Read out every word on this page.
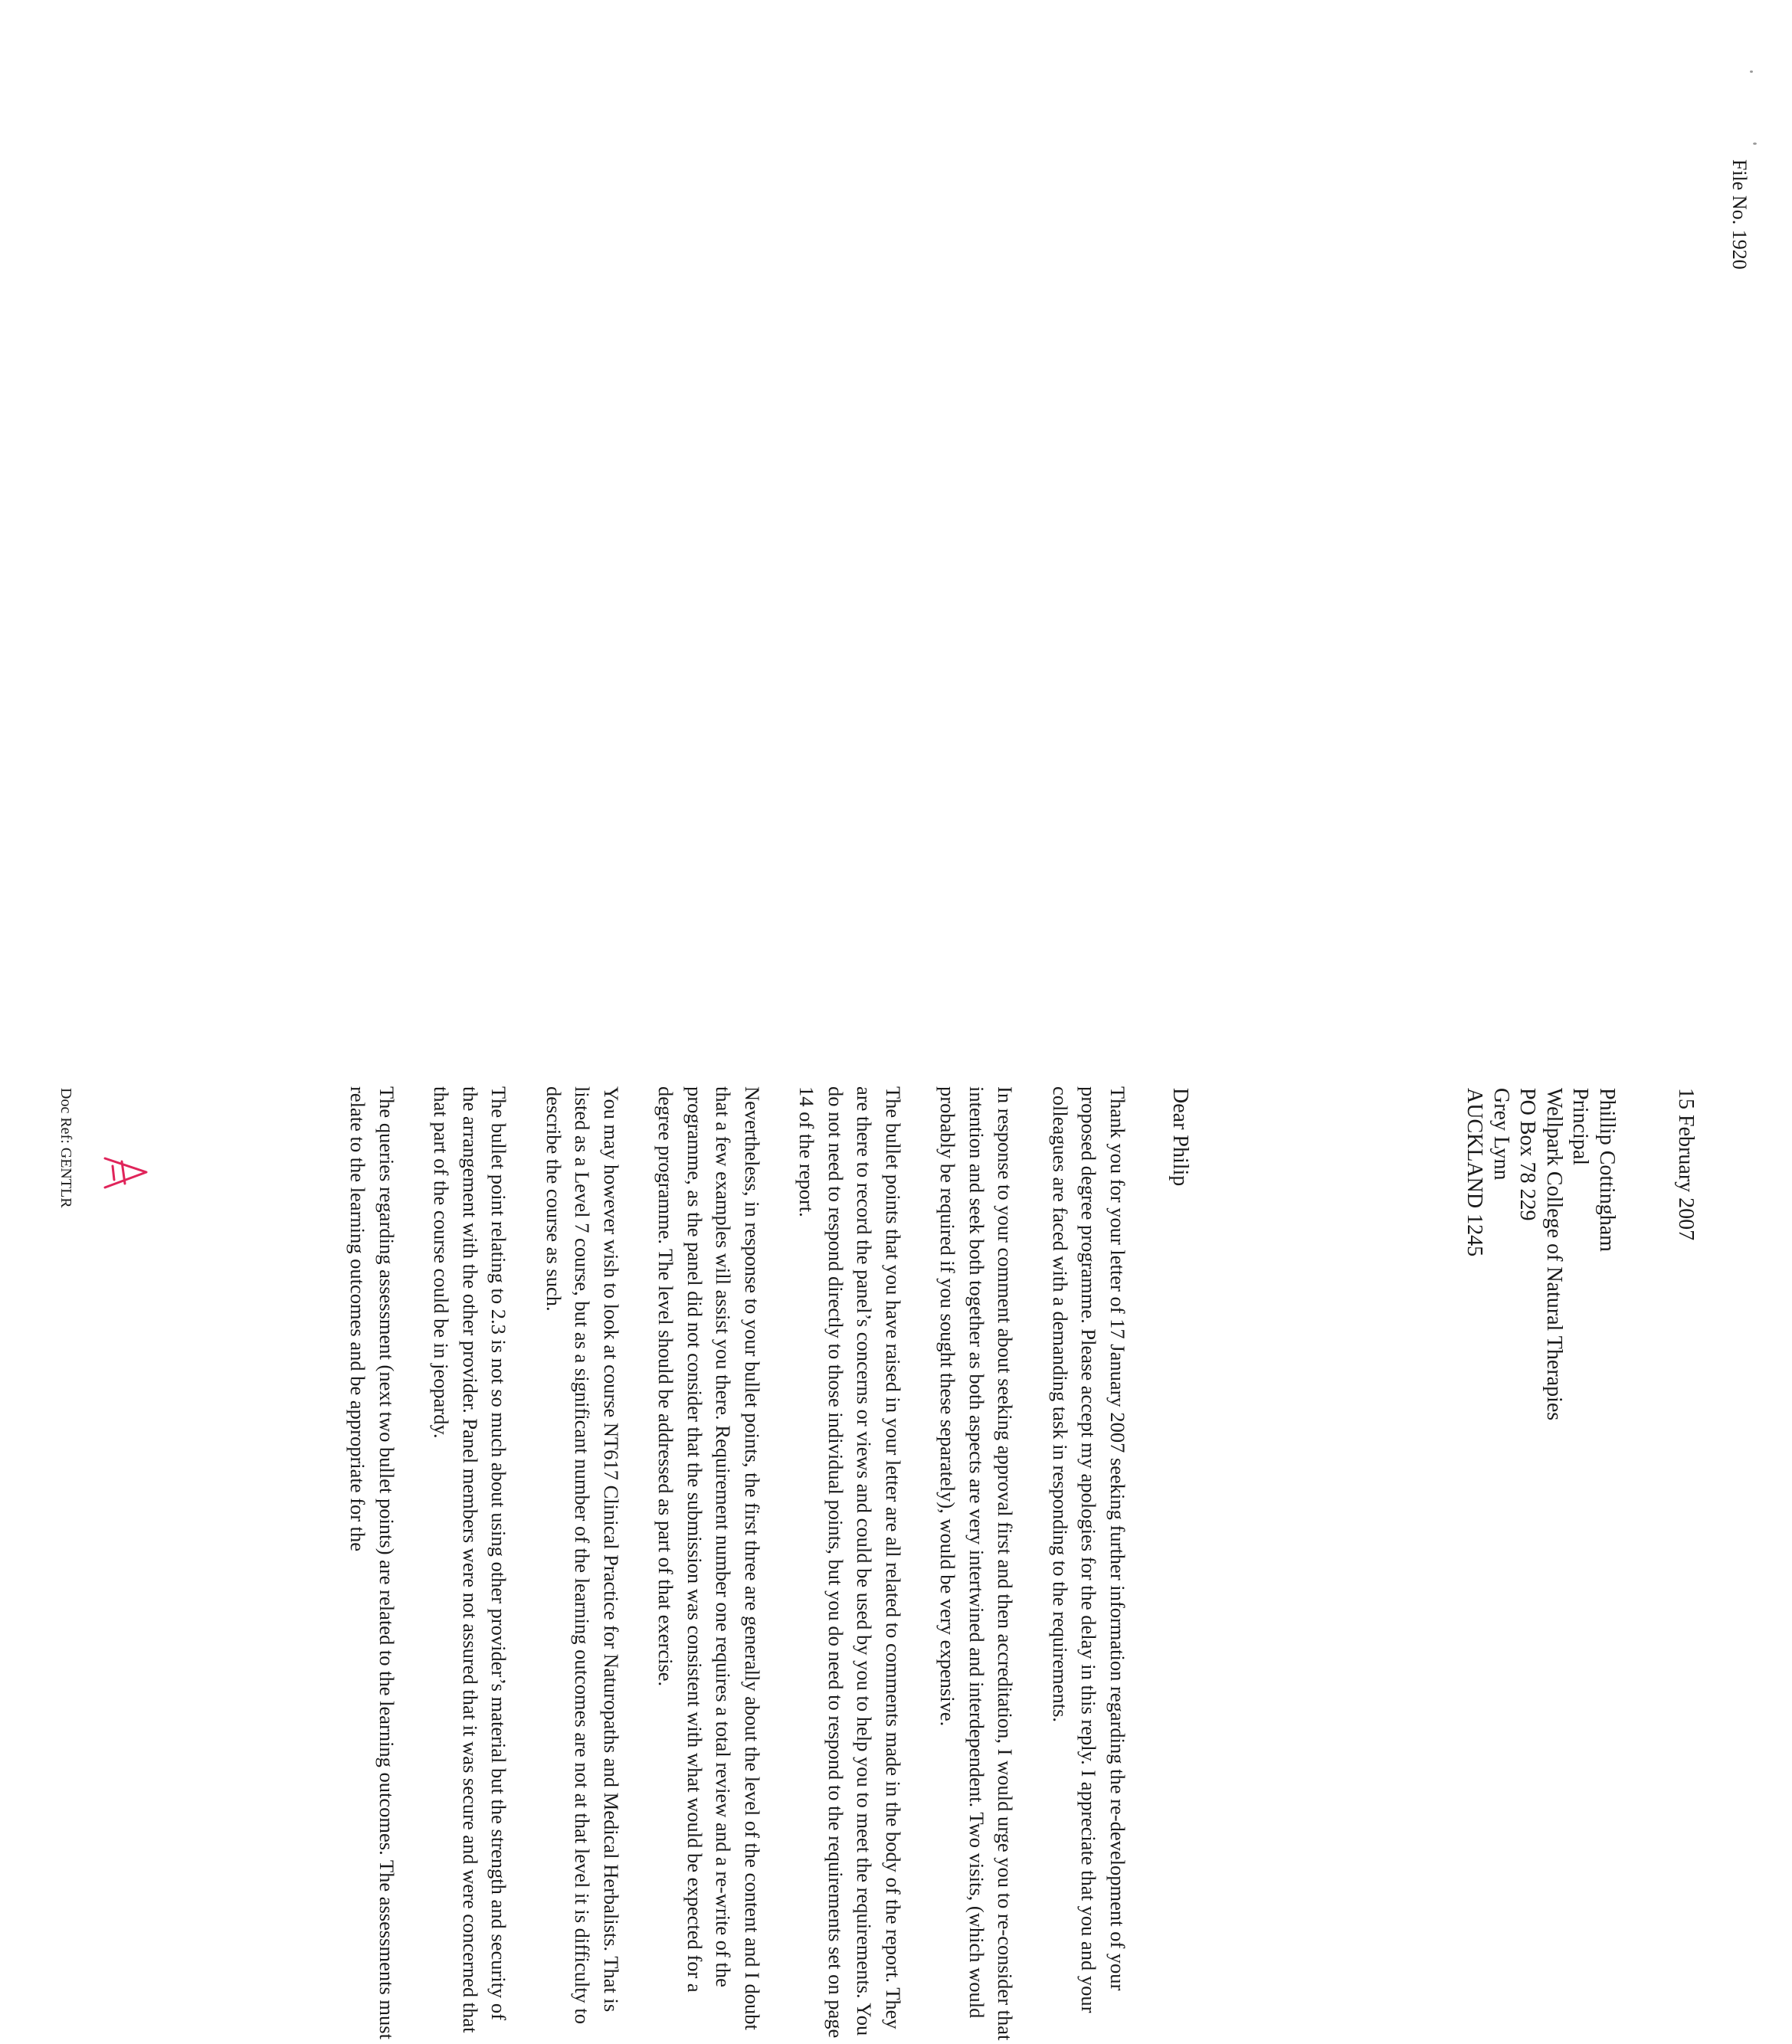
File No. 1920
15 February 2007
Phillip Cottingham
Principal
Wellpark College of Natural Therapies
PO Box 78 229
Grey Lynn
AUCKLAND 1245
Dear Philip

Thank you for your letter of 17 January 2007 seeking further information regarding the re-development of your proposed degree programme. Please accept my apologies for the delay in this reply. I appreciate that you and your colleagues are faced with a demanding task in responding to the requirements.

In response to your comment about seeking approval first and then accreditation, I would urge you to re-consider that intention and seek both together as both aspects are very intertwined and interdependent. Two visits, (which would probably be required if you sought these separately), would be very expensive.

The bullet points that you have raised in your letter are all related to comments made in the body of the report. They are there to record the panel’s concerns or views and could be used by you to help you to meet the requirements. You do not need to respond directly to those individual points, but you do need to respond to the requirements set on page 14 of the report.

Nevertheless, in response to your bullet points, the first three are generally about the level of the content and I doubt that a few examples will assist you there. Requirement number one requires a total review and a re-write of the programme, as the panel did not consider that the submission was consistent with what would be expected for a degree programme. The level should be addressed as part of that exercise.

You may however wish to look at course NT617 Clinical Practice for Naturopaths and Medical Herbalists. That is listed as a Level 7 course, but as a significant number of the learning outcomes are not at that level it is difficulty to describe the course as such.

The bullet point relating to 2.3 is not so much about using other provider’s material but the strength and security of the arrangement with the other provider. Panel members were not assured that it was secure and were concerned that that part of the course could be in jeopardy.

The queries regarding assessment (next two bullet points) are related to the learning outcomes. The assessments must relate to the learning outcomes and be appropriate for the

Doc Ref: GENTLR
